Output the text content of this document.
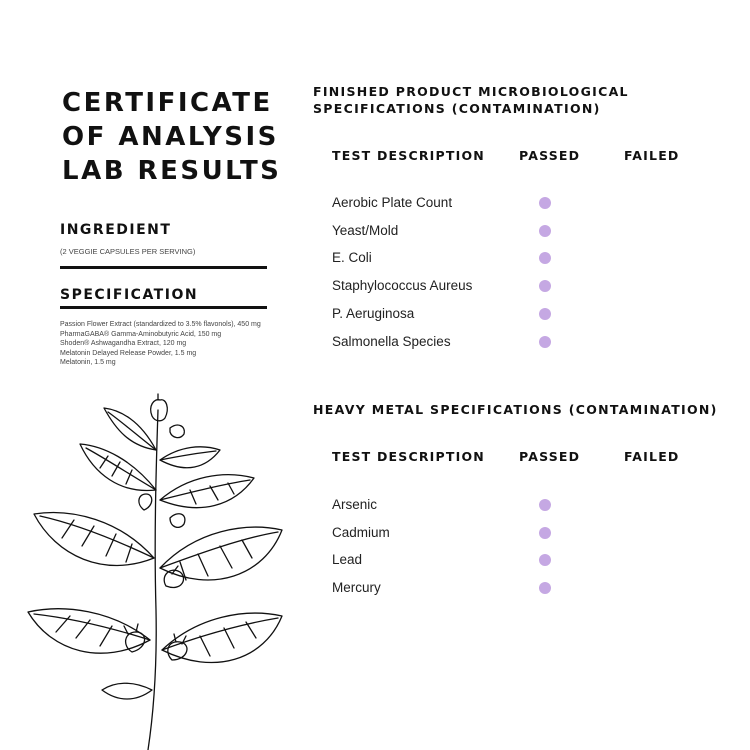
CERTIFICATE
OF ANALYSIS
LAB RESULTS
INGREDIENT
(2 VEGGIE CAPSULES PER SERVING)
SPECIFICATION
Passion Flower Extract (standardized to 3.5% flavonols), 450 mg
PharmaGABA® Gamma-Aminobutyric Acid, 150 mg
Shoden® Ashwagandha Extract, 120 mg
Melatonin Delayed Release Powder, 1.5 mg
Melatonin, 1.5 mg
FINISHED PRODUCT MICROBIOLOGICAL
SPECIFICATIONS (CONTAMINATION)
TEST DESCRIPTION	PASSED	FAILED
Aerobic Plate Count
Yeast/Mold
E. Coli
Staphylococcus Aureus
P. Aeruginosa
Salmonella Species
HEAVY METAL SPECIFICATIONS (CONTAMINATION)
TEST DESCRIPTION	PASSED	FAILED
Arsenic
Cadmium
Lead
Mercury
